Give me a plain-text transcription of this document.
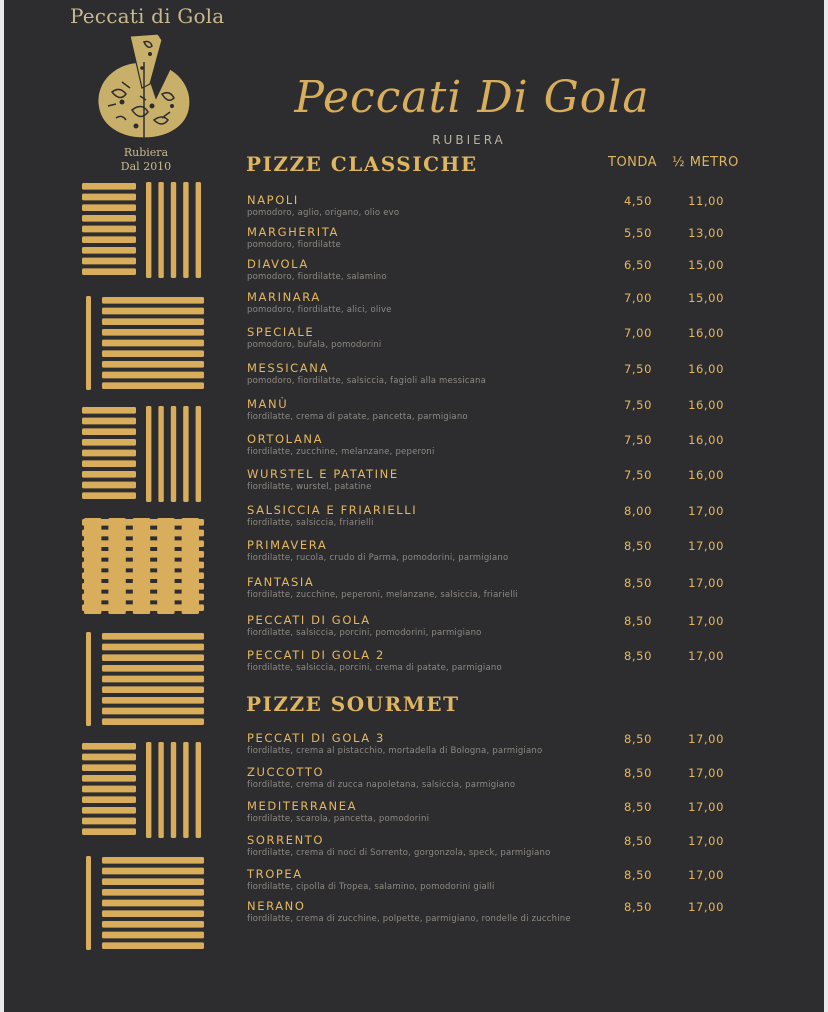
Peccati di Gola
Rubiera
Dal 2010
Peccati Di Gola
RUBIERA
PIZZE CLASSICHE	TONDA ½ METRO
NAPOLI
pomodoro, aglio, origano, olio evo
4,50	11,00
MARGHERITA
pomodoro, fiordilatte
5,50	13,00
DIAVOLA
pomodoro, fiordilatte, salamino
6,50	15,00
MARINARA
pomodoro, fiordilatte, alici, olive
7,00	15,00
SPECIALE
pomodoro, bufala, pomodorini
7,00	16,00
MESSICANA
pomodoro, fiordilatte, salsiccia, fagioli alla messicana
7,50	16,00
MANÙ
fiordilatte, crema di patate, pancetta, parmigiano
7,50	16,00
ORTOLANA
fiordilatte, zucchine, melanzane, peperoni
7,50	16,00
WURSTEL E PATATINE
fiordilatte, wurstel, patatine
7,50	16,00
SALSICCIA E FRIARIELLI
fiordilatte, salsiccia, friarielli
8,00	17,00
PRIMAVERA
fiordilatte, rucola, crudo di Parma, pomodorini, parmigiano
8,50	17,00
FANTASIA
fiordilatte, zucchine, peperoni, melanzane, salsiccia, friarielli
8,50	17,00
PECCATI DI GOLA
fiordilatte, salsiccia, porcini, pomodorini, parmigiano
8,50	17,00
PECCATI DI GOLA 2
fiordilatte, salsiccia, porcini, crema di patate, parmigiano
8,50	17,00
PIZZE SOURMET
PECCATI DI GOLA 3
fiordilatte, crema al pistacchio, mortadella di Bologna, parmigiano
8,50	17,00
ZUCCOTTO
fiordilatte, crema di zucca napoletana, salsiccia, parmigiano
8,50	17,00
MEDITERRANEA
fiordilatte, scarola, pancetta, pomodorini
8,50	17,00
SORRENTO
fiordilatte, crema di noci di Sorrento, gorgonzola, speck, parmigiano
8,50	17,00
TROPEA
fiordilatte, cipolla di Tropea, salamino, pomodorini gialli
8,50	17,00
NERANO
fiordilatte, crema di zucchine, polpette, parmigiano, rondelle di zucchine
8,50	17,00
